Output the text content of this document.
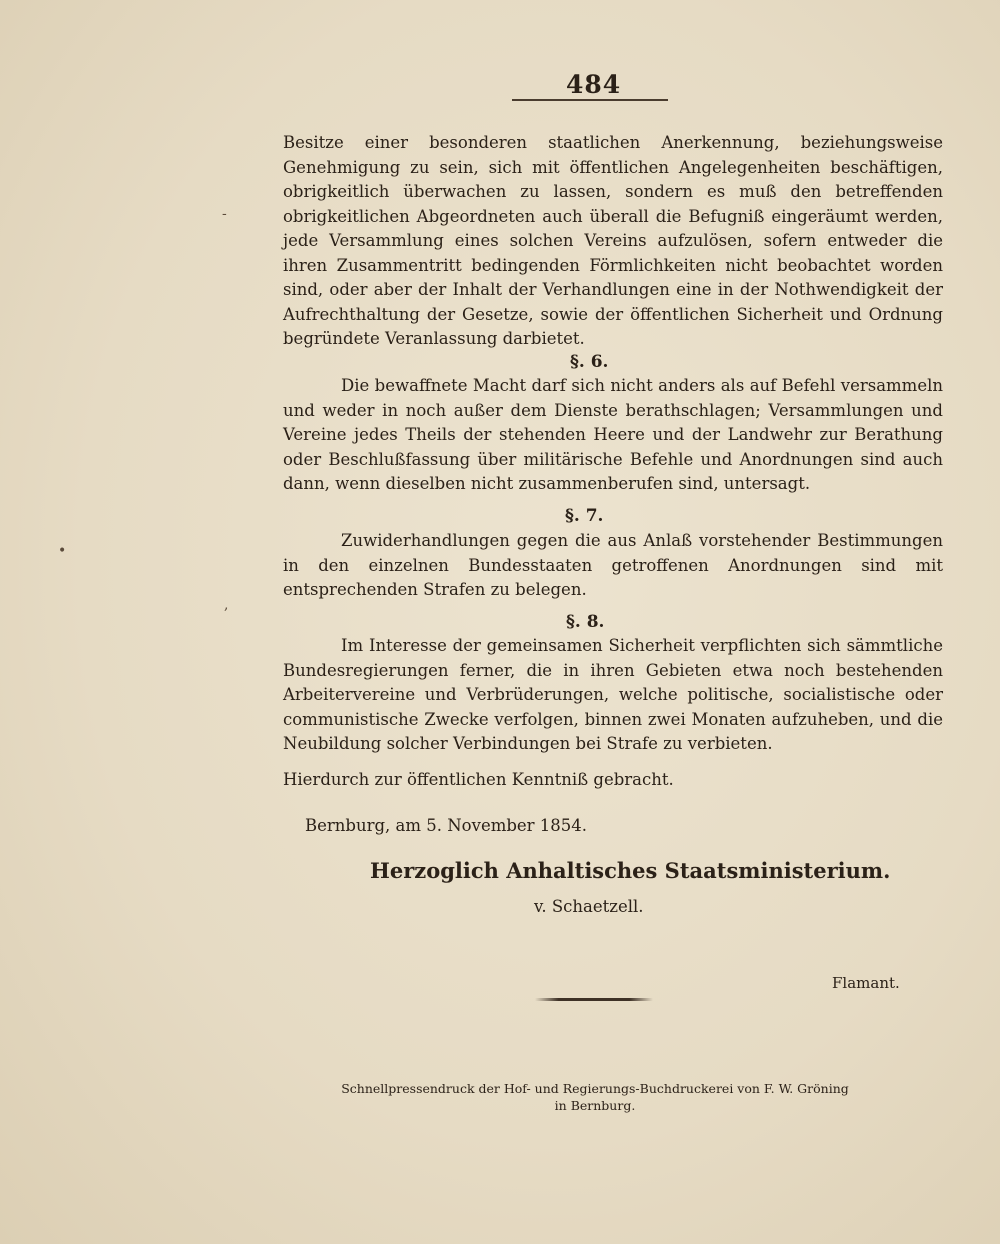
484
Besitze einer besonderen staatlichen Anerkennung, beziehungsweise Genehmigung zu sein, sich mit öffentlichen Angelegenheiten beschäftigen, obrigkeitlich überwachen zu lassen, sondern es muß den betreffenden obrigkeitlichen Abgeordneten auch überall die Befugniß eingeräumt werden, jede Versammlung eines solchen Vereins aufzulösen, sofern entweder die ihren Zusammentritt bedingenden Förmlichkeiten nicht beobachtet worden sind, oder aber der Inhalt der Verhandlungen eine in der Nothwendigkeit der Aufrechthaltung der Gesetze, sowie der öffentlichen Sicherheit und Ordnung begründete Veranlassung darbietet.
§. 6.
Die bewaffnete Macht darf sich nicht anders als auf Befehl versammeln und weder in noch außer dem Dienste berathschlagen; Versammlungen und Vereine jedes Theils der stehenden Heere und der Landwehr zur Berathung oder Beschlußfassung über militärische Befehle und Anordnungen sind auch dann, wenn dieselben nicht zusammenberufen sind, untersagt.
§. 7.
Zuwiderhandlungen gegen die aus Anlaß vorstehender Bestimmungen in den einzelnen Bundesstaaten getroffenen Anordnungen sind mit entsprechenden Strafen zu belegen.
§. 8.
Im Interesse der gemeinsamen Sicherheit verpflichten sich sämmtliche Bundesregierungen ferner, die in ihren Gebieten etwa noch bestehenden Arbeitervereine und Verbrüderungen, welche politische, socialistische oder communistische Zwecke verfolgen, binnen zwei Monaten aufzuheben, und die Neubildung solcher Verbindungen bei Strafe zu verbieten.
Hierdurch zur öffentlichen Kenntniß gebracht.
Bernburg, am 5. November 1854.
Herzoglich Anhaltisches Staatsministerium.
v. Schaetzell.
Flamant.
Schnellpressendruck der Hof- und Regierungs-Buchdruckerei von F. W. Gröning in Bernburg.
-
•
,
